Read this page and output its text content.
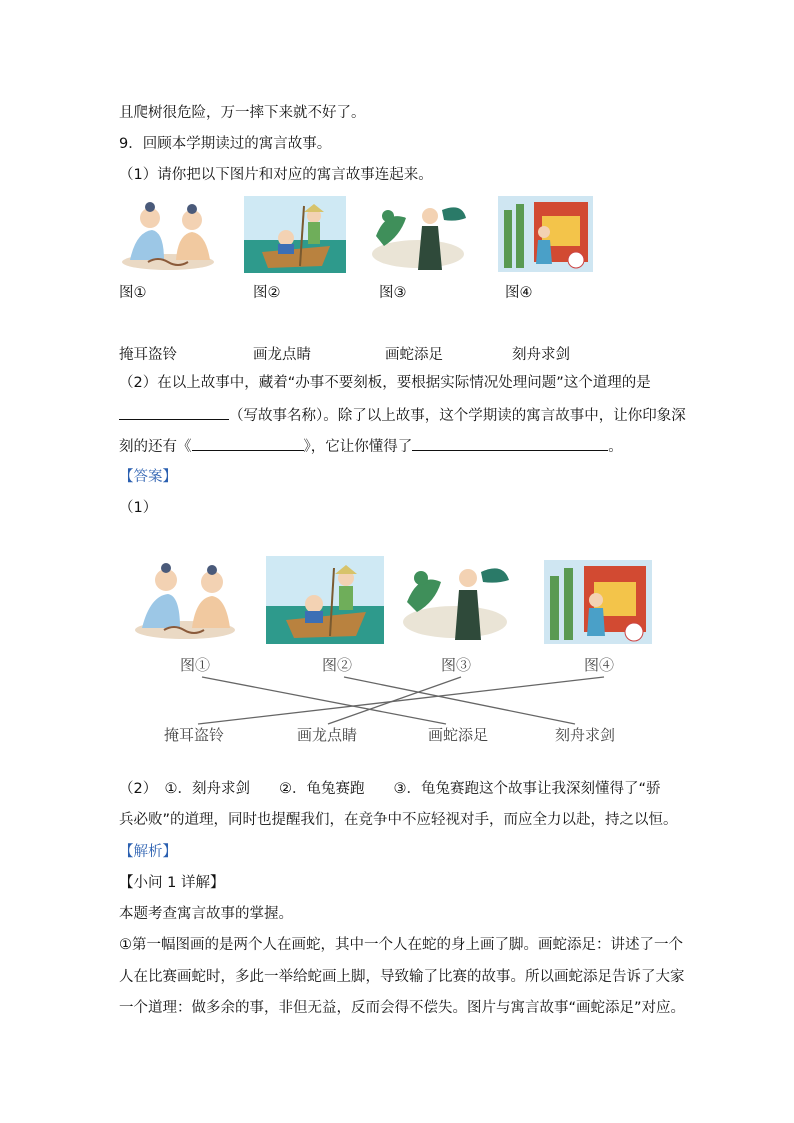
且爬树很危险，万一摔下来就不好了。
9．回顾本学期读过的寓言故事。
（1）请你把以下图片和对应的寓言故事连起来。
图①	图②	图③	图④
掩耳盗铃	画龙点睛	画蛇添足	刻舟求剑
（2）在以上故事中，藏着“办事不要刻板，要根据实际情况处理问题”这个道理的是
（写故事名称）。除了以上故事，这个学期读的寓言故事中，让你印象深
刻的还有《	》，它让你懂得了	。
【答案】
（1）
图①	图②	图③	图④
掩耳盗铃	画龙点睛	画蛇添足	刻舟求剑
（2）　①．刻舟求剑　　②．龟兔赛跑　　③．龟兔赛跑这个故事让我深刻懂得了“骄
兵必败”的道理，同时也提醒我们，在竞争中不应轻视对手，而应全力以赴，持之以恒。
【解析】
【小问 1 详解】
本题考查寓言故事的掌握。
①第一幅图画的是两个人在画蛇，其中一个人在蛇的身上画了脚。画蛇添足：讲述了一个
人在比赛画蛇时，多此一举给蛇画上脚，导致输了比赛的故事。所以画蛇添足告诉了大家
一个道理：做多余的事，非但无益，反而会得不偿失。图片与寓言故事“画蛇添足”对应。
